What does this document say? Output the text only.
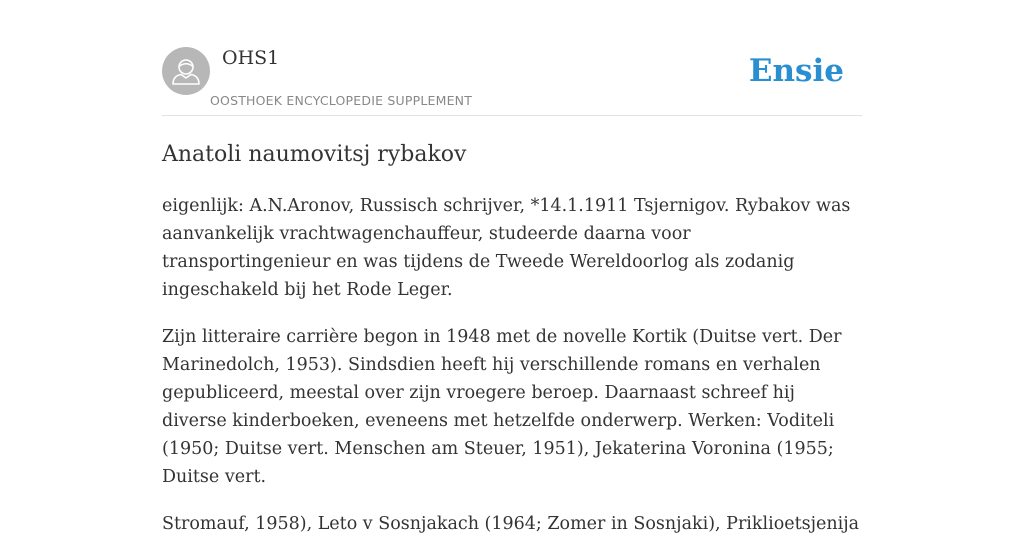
OHS1
OOSTHOEK ENCYCLOPEDIE SUPPLEMENT
Ensie
Anatoli naumovitsj rybakov

eigenlijk: A.N.Aronov, Russisch schrijver, *14.1.1911 Tsjernigov. Rybakov was aanvankelijk vrachtwagenchauffeur, studeerde daarna voor transportingenieur en was tijdens de Tweede Wereldoorlog als zodanig ingeschakeld bij het Rode Leger.

Zijn litteraire carrière begon in 1948 met de novelle Kortik (Duitse vert. Der Marinedolch, 1953). Sindsdien heeft hij verschillende romans en verhalen gepubliceerd, meestal over zijn vroegere beroep. Daarnaast schreef hij diverse kinderboeken, eveneens met hetzelfde onderwerp. Werken: Voditeli (1950; Duitse vert. Menschen am Steuer, 1951), Jekaterina Voronina (1955; Duitse vert.

Stromauf, 1958), Leto v Sosnjakach (1964; Zomer in Sosnjaki), Priklioetsjenija
